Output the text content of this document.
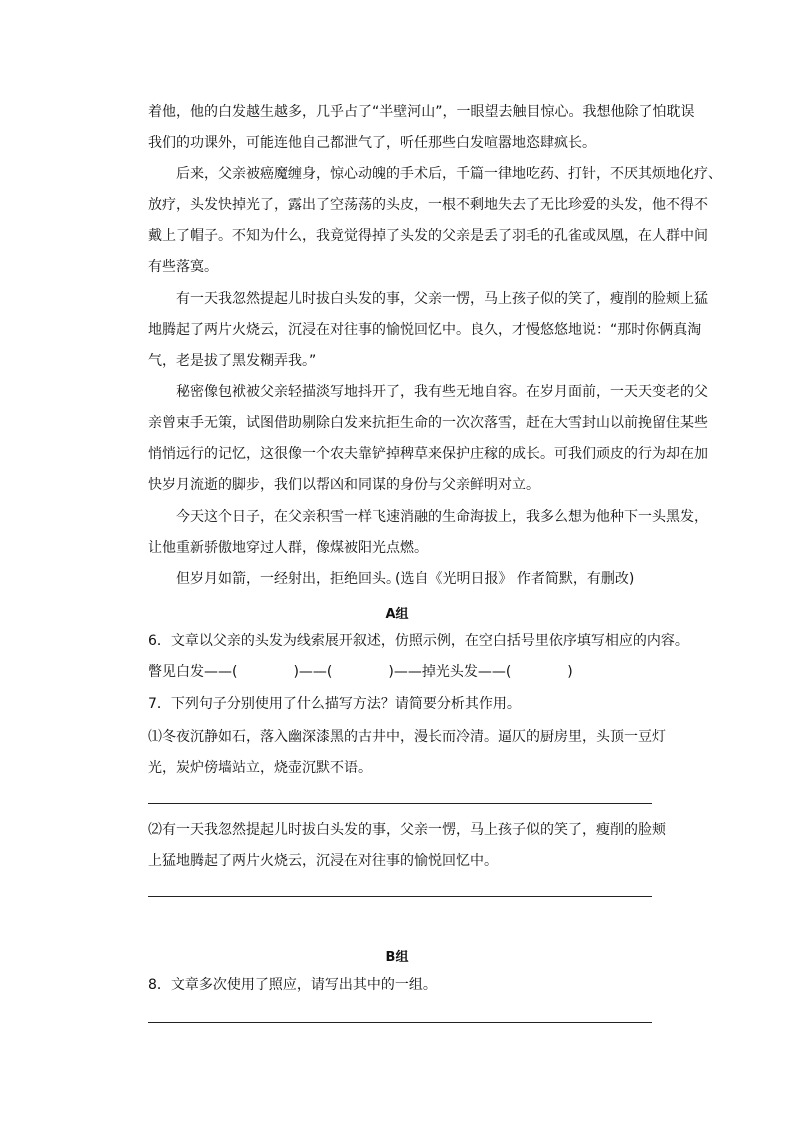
着他，他的白发越生越多，几乎占了“半壁河山”，一眼望去触目惊心。我想他除了怕耽误
我们的功课外，可能连他自己都泄气了，听任那些白发喧嚣地恣肆疯长。
后来，父亲被癌魔缠身，惊心动魄的手术后，千篇一律地吃药、打针，不厌其烦地化疗、
放疗，头发快掉光了，露出了空荡荡的头皮，一根不剩地失去了无比珍爱的头发，他不得不
戴上了帽子。不知为什么，我竟觉得掉了头发的父亲是丢了羽毛的孔雀或凤凰，在人群中间
有些落寞。
有一天我忽然提起儿时拔白头发的事，父亲一愣，马上孩子似的笑了，瘦削的脸颊上猛
地腾起了两片火烧云，沉浸在对往事的愉悦回忆中。良久，才慢悠悠地说：“那时你俩真淘
气，老是拔了黑发糊弄我。”
秘密像包袱被父亲轻描淡写地抖开了，我有些无地自容。在岁月面前，一天天变老的父
亲曾束手无策，试图借助剔除白发来抗拒生命的一次次落雪，赶在大雪封山以前挽留住某些
悄悄远行的记忆，这很像一个农夫靠铲掉稗草来保护庄稼的成长。可我们顽皮的行为却在加
快岁月流逝的脚步，我们以帮凶和同谋的身份与父亲鲜明对立。
今天这个日子，在父亲积雪一样飞速消融的生命海拔上，我多么想为他种下一头黑发，
让他重新骄傲地穿过人群，像煤被阳光点燃。
但岁月如箭，一经射出，拒绝回头。
(选自《光明日报》 作者简默，有删改)
A组
6．文章以父亲的头发为线索展开叙述，仿照示例，在空白括号里依序填写相应的内容。
瞥见白发——(　　　　)——(　　　　)——掉光头发——(　　　　)
7．下列句子分别使用了什么描写方法？请简要分析其作用。
⑴冬夜沉静如石，落入幽深漆黑的古井中，漫长而冷清。逼仄的厨房里，头顶一豆灯
光，炭炉傍墙站立，烧壶沉默不语。
⑵有一天我忽然提起儿时拔白头发的事，父亲一愣，马上孩子似的笑了，瘦削的脸颊
上猛地腾起了两片火烧云，沉浸在对往事的愉悦回忆中。
B组
8．文章多次使用了照应，请写出其中的一组。
